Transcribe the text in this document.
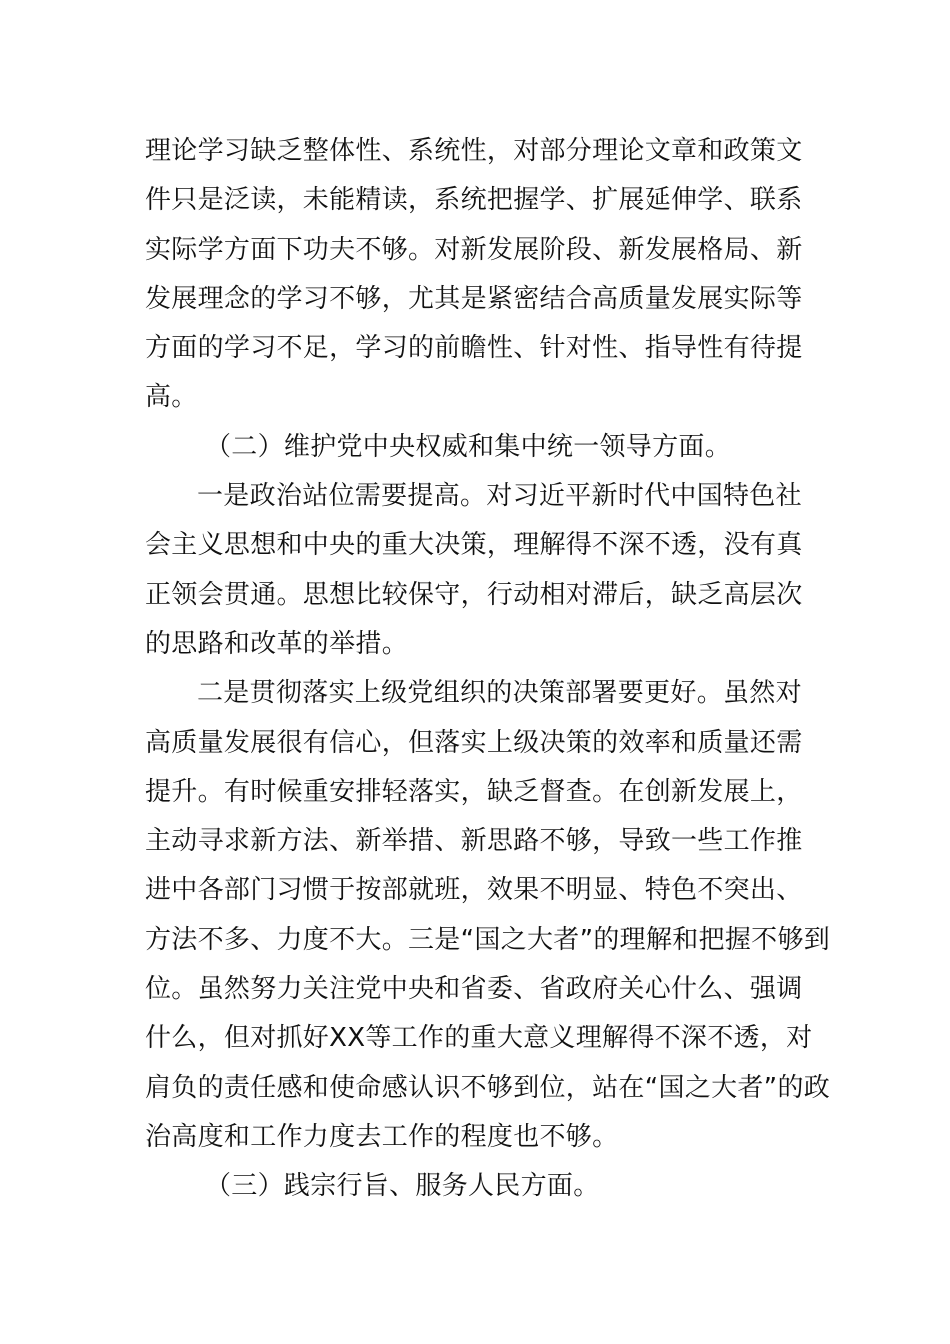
理论学习缺乏整体性、系统性，对部分理论文章和政策文
件只是泛读，未能精读，系统把握学、扩展延伸学、联系
实际学方面下功夫不够。对新发展阶段、新发展格局、新
发展理念的学习不够，尤其是紧密结合高质量发展实际等
方面的学习不足，学习的前瞻性、针对性、指导性有待提
高。
（二）维护党中央权威和集中统一领导方面。
一是政治站位需要提高。对习近平新时代中国特色社
会主义思想和中央的重大决策，理解得不深不透，没有真
正领会贯通。思想比较保守，行动相对滞后，缺乏高层次
的思路和改革的举措。
二是贯彻落实上级党组织的决策部署要更好。虽然对
高质量发展很有信心，但落实上级决策的效率和质量还需
提升。有时候重安排轻落实，缺乏督查。在创新发展上，
主动寻求新方法、新举措、新思路不够，导致一些工作推
进中各部门习惯于按部就班，效果不明显、特色不突出、
方法不多、力度不大。三是“国之大者”的理解和把握不够到
位。虽然努力关注党中央和省委、省政府关心什么、强调
什么，但对抓好XX等工作的重大意义理解得不深不透，对
肩负的责任感和使命感认识不够到位，站在“国之大者”的政
治高度和工作力度去工作的程度也不够。
（三）践宗行旨、服务人民方面。
